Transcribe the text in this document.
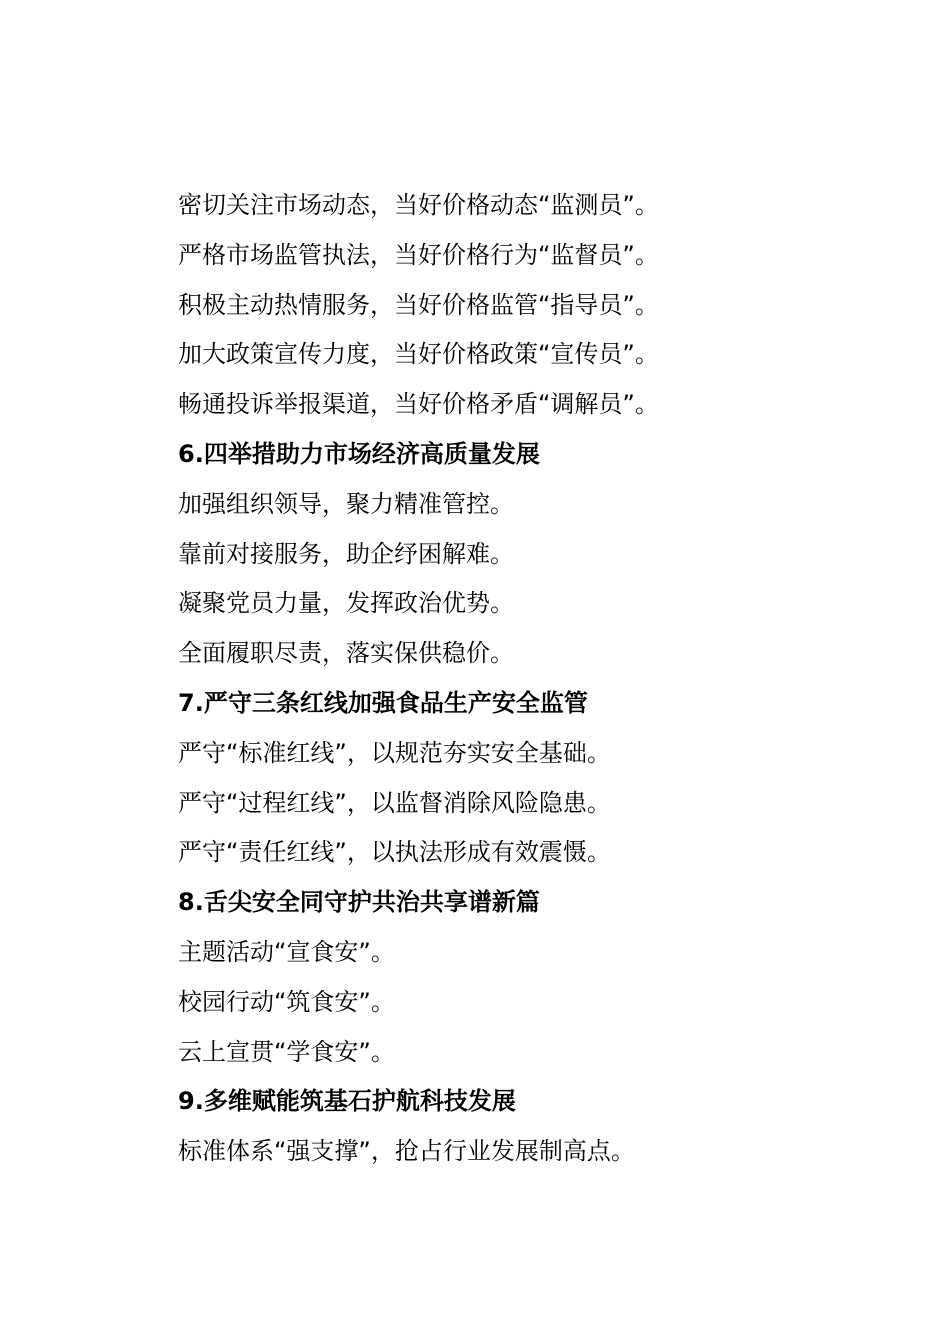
密切关注市场动态，当好价格动态“监测员”。
严格市场监管执法，当好价格行为“监督员”。
积极主动热情服务，当好价格监管“指导员”。
加大政策宣传力度，当好价格政策“宣传员”。
畅通投诉举报渠道，当好价格矛盾“调解员”。
6.四举措助力市场经济高质量发展
加强组织领导，聚力精准管控。
靠前对接服务，助企纾困解难。
凝聚党员力量，发挥政治优势。
全面履职尽责，落实保供稳价。
7.严守三条红线加强食品生产安全监管
严守“标准红线”，以规范夯实安全基础。
严守“过程红线”，以监督消除风险隐患。
严守“责任红线”，以执法形成有效震慑。
8.舌尖安全同守护共治共享谱新篇
主题活动“宣食安”。
校园行动“筑食安”。
云上宣贯“学食安”。
9.多维赋能筑基石护航科技发展
标准体系“强支撑”，抢占行业发展制高点。
